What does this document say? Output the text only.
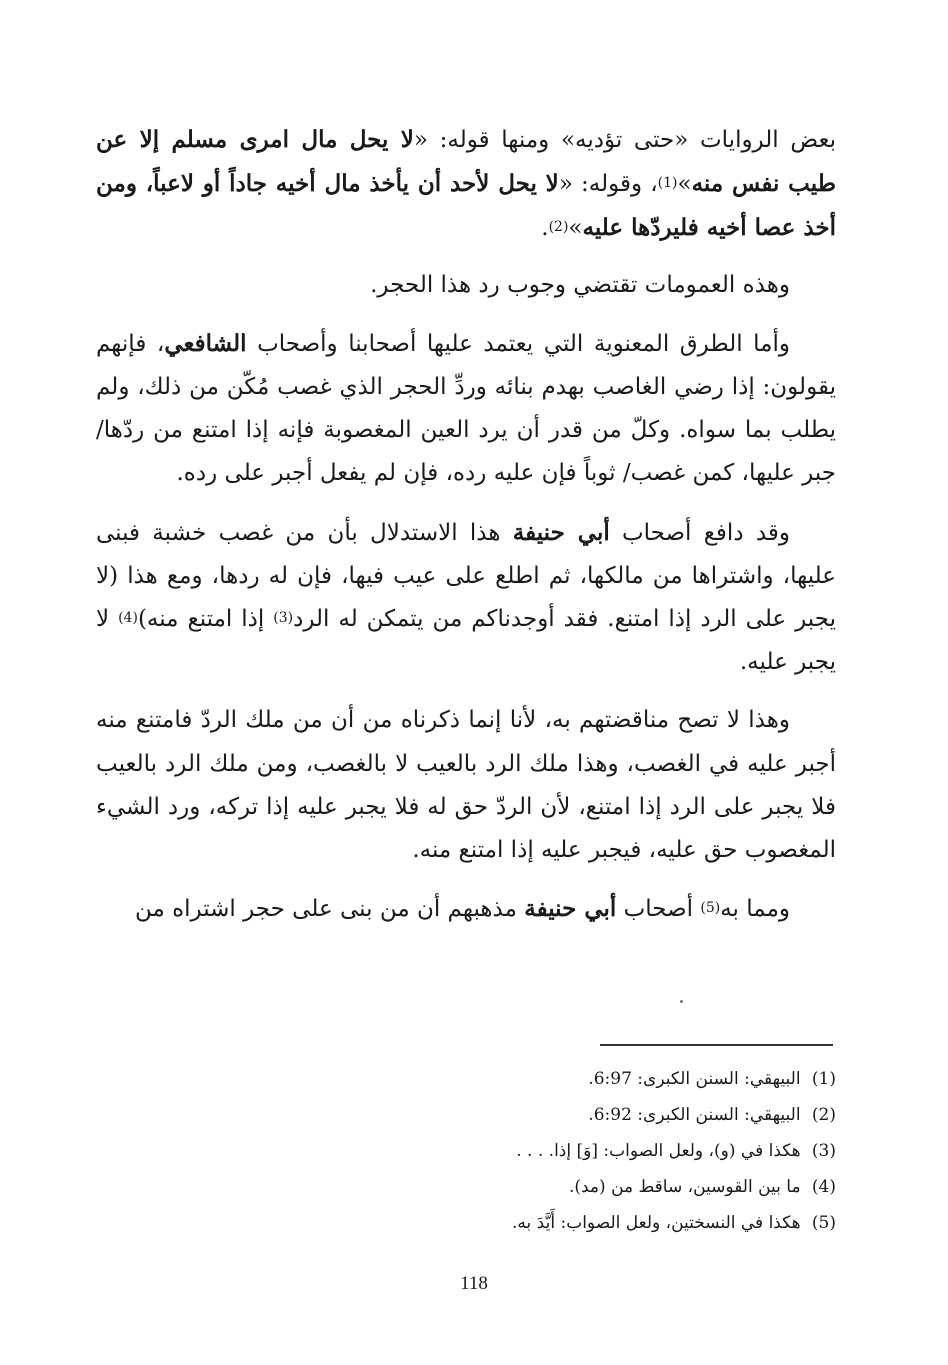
بعض الروايات «حتى تؤديه» ومنها قوله: «لا يحل مال امرى مسلم إلا عن طيب نفس منه»$^{(1)}$، وقوله: «لا يحل لأحد أن يأخذ مال أخيه جاداً أو لاعباً، ومن أخذ عصا أخيه فليردّها عليه»$^{(2)}$.

وهذه العمومات تقتضي وجوب رد هذا الحجر.

وأما الطرق المعنوية التي يعتمد عليها أصحابنا وأصحاب الشافعي، فإنهم يقولون: إذا رضي الغاصب بهدم بنائه وردِّ الحجر الذي غصب مُكّن من ذلك، ولم يطلب بما سواه. وكلّ من قدر أن يرد العين المغصوبة فإنه إذا امتنع من ردّها/ جبر عليها، كمن غصب/ ثوباً فإن عليه رده، فإن لم يفعل أجبر على رده.

وقد دافع أصحاب أبي حنيفة هذا الاستدلال بأن من غصب خشبة فبنى عليها، واشتراها من مالكها، ثم اطلع على عيب فيها، فإن له ردها، ومع هذا (لا يجبر على الرد إذا امتنع. فقد أوجدناكم من يتمكن له الرد$^{(3)}$ إذا امتنع منه)$^{(4)}$ لا يجبر عليه.

وهذا لا تصح مناقضتهم به، لأنا إنما ذكرناه من أن من ملك الردّ فامتنع منه أجبر عليه في الغصب، وهذا ملك الرد بالعيب لا بالغصب، ومن ملك الرد بالعيب فلا يجبر على الرد إذا امتنع، لأن الردّ حق له فلا يجبر عليه إذا تركه، ورد الشيء المغصوب حق عليه، فيجبر عليه إذا امتنع منه.

ومما به$^{(5)}$ أصحاب أبي حنيفة مذهبهم أن من بنى على حجر اشتراه من

(1) البيهقي: السنن الكبرى: 6:97.

(2) البيهقي: السنن الكبرى: 6:92.

(3) هكذا في (و)، ولعل الصواب: [وَ] إذا. . . .

(4) ما بين القوسين، ساقط من (مد).

(5) هكذا في النسختين، ولعل الصواب: أَيَّدَ به.

118
